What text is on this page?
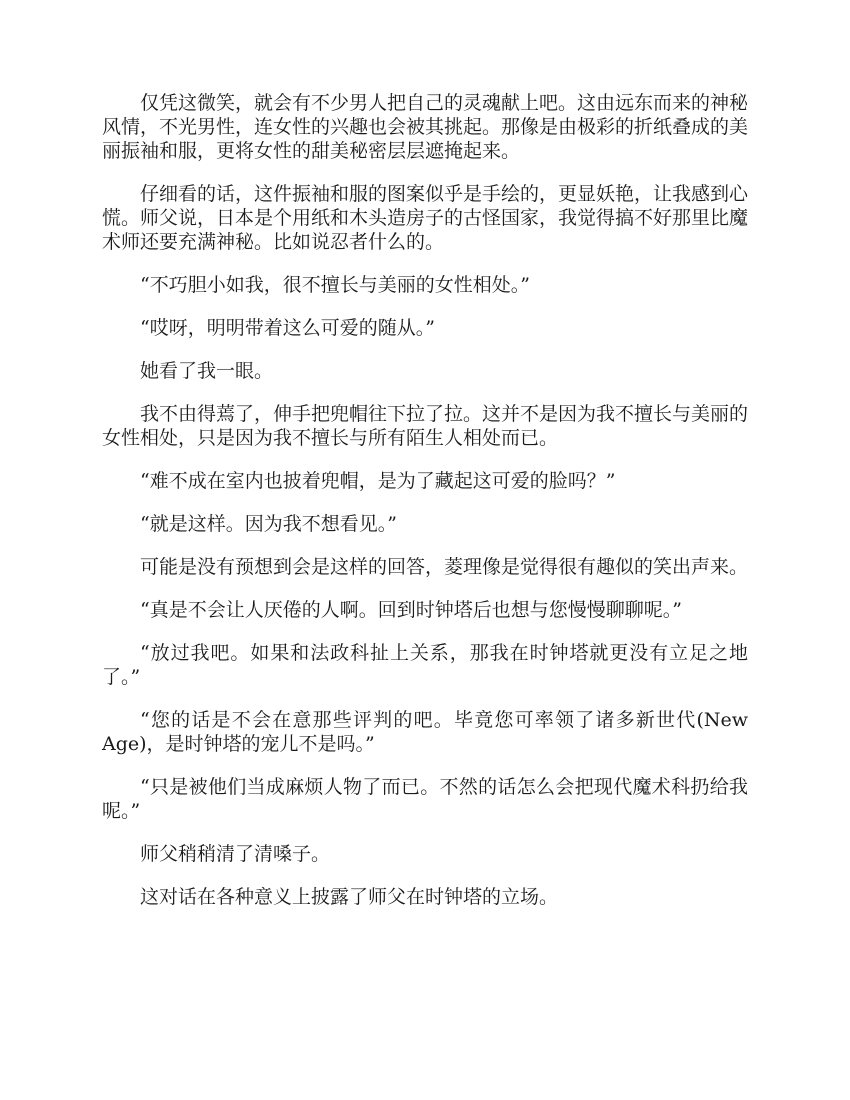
仅凭这微笑，就会有不少男人把自己的灵魂献上吧。这由远东而来的神秘风情，不光男性，连女性的兴趣也会被其挑起。那像是由极彩的折纸叠成的美丽振袖和服，更将女性的甜美秘密层层遮掩起来。

仔细看的话，这件振袖和服的图案似乎是手绘的，更显妖艳，让我感到心慌。师父说，日本是个用纸和木头造房子的古怪国家，我觉得搞不好那里比魔术师还要充满神秘。比如说忍者什么的。

“不巧胆小如我，很不擅长与美丽的女性相处。”

“哎呀，明明带着这么可爱的随从。”

她看了我一眼。

我不由得蔫了，伸手把兜帽往下拉了拉。这并不是因为我不擅长与美丽的女性相处，只是因为我不擅长与所有陌生人相处而已。

“难不成在室内也披着兜帽，是为了藏起这可爱的脸吗？”

“就是这样。因为我不想看见。”

可能是没有预想到会是这样的回答，菱理像是觉得很有趣似的笑出声来。

“真是不会让人厌倦的人啊。回到时钟塔后也想与您慢慢聊聊呢。”

“放过我吧。如果和法政科扯上关系，那我在时钟塔就更没有立足之地了。”

“您的话是不会在意那些评判的吧。毕竟您可率领了诸多新世代(New Age)，是时钟塔的宠儿不是吗。”

“只是被他们当成麻烦人物了而已。不然的话怎么会把现代魔术科扔给我呢。”

师父稍稍清了清嗓子。

这对话在各种意义上披露了师父在时钟塔的立场。
